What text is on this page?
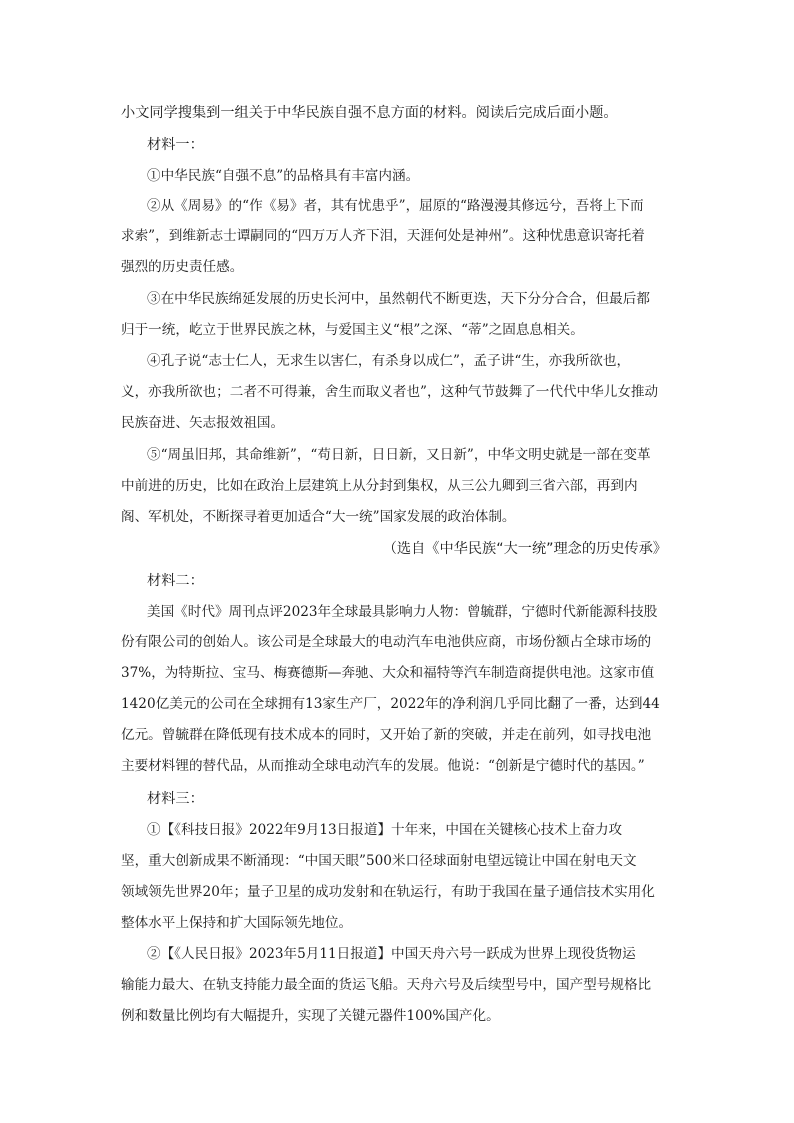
小文同学搜集到一组关于中华民族自强不息方面的材料。阅读后完成后面小题。
材料一：
①中华民族“自强不息”的品格具有丰富内涵。
②从《周易》的“作《易》者，其有忧患乎”，屈原的“路漫漫其修远兮，吾将上下而
求索”，到维新志士谭嗣同的“四万万人齐下泪，天涯何处是神州”。这种忧患意识寄托着
强烈的历史责任感。
③在中华民族绵延发展的历史长河中，虽然朝代不断更迭，天下分分合合，但最后都
归于一统，屹立于世界民族之林，与爱国主义“根”之深、“蒂”之固息息相关。
④孔子说“志士仁人，无求生以害仁，有杀身以成仁”，孟子讲“生，亦我所欲也，
义，亦我所欲也；二者不可得兼，舍生而取义者也”，这种气节鼓舞了一代代中华儿女推动
民族奋进、矢志报效祖国。
⑤“周虽旧邦，其命维新”，“苟日新，日日新，又日新”，中华文明史就是一部在变革
中前进的历史，比如在政治上层建筑上从分封到集权，从三公九卿到三省六部，再到内
阁、军机处，不断探寻着更加适合“大一统”国家发展的政治体制。
（选自《中华民族“大一统”理念的历史传承》
材料二：
美国《时代》周刊点评2023年全球最具影响力人物：曾毓群，宁德时代新能源科技股
份有限公司的创始人。该公司是全球最大的电动汽车电池供应商，市场份额占全球市场的
37%，为特斯拉、宝马、梅赛德斯—奔驰、大众和福特等汽车制造商提供电池。这家市值
1420亿美元的公司在全球拥有13家生产厂，2022年的净利润几乎同比翻了一番，达到44
亿元。曾毓群在降低现有技术成本的同时，又开始了新的突破，并走在前列，如寻找电池
主要材料锂的替代品，从而推动全球电动汽车的发展。他说：“创新是宁德时代的基因。”
材料三：
①【《科技日报》2022年9月13日报道】十年来，中国在关键核心技术上奋力攻
坚，重大创新成果不断涌现：“中国天眼”500米口径球面射电望远镜让中国在射电天文
领域领先世界20年；量子卫星的成功发射和在轨运行，有助于我国在量子通信技术实用化
整体水平上保持和扩大国际领先地位。
②【《人民日报》2023年5月11日报道】中国天舟六号一跃成为世界上现役货物运
输能力最大、在轨支持能力最全面的货运飞船。天舟六号及后续型号中，国产型号规格比
例和数量比例均有大幅提升，实现了关键元器件100%国产化。
